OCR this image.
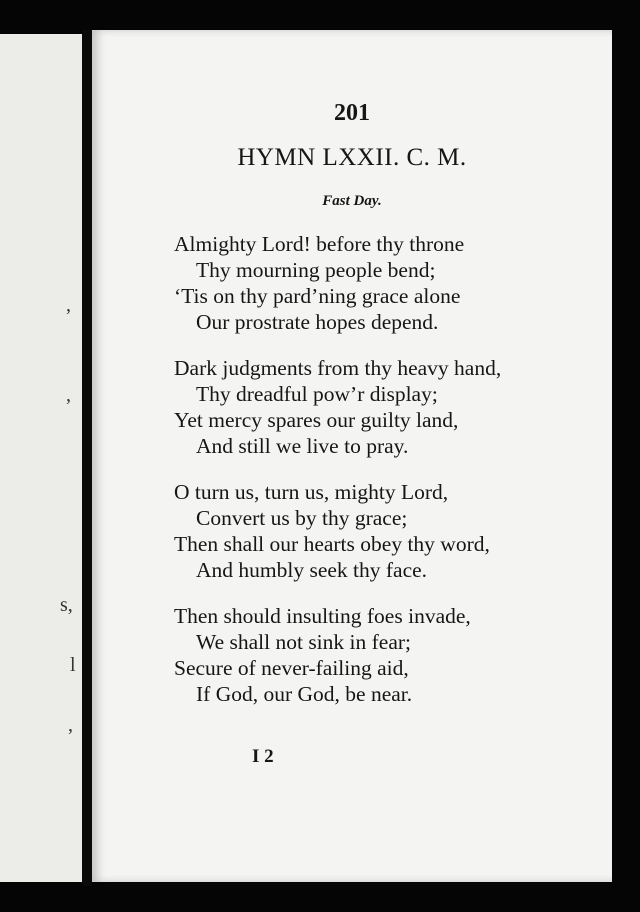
,
,
s,
l
,
201
HYMN LXXII. C. M.
Fast Day.
Almighty Lord! before thy throne
Thy mourning people bend;
‘Tis on thy pard’ning grace alone
Our prostrate hopes depend.
Dark judgments from thy heavy hand,
Thy dreadful pow’r display;
Yet mercy spares our guilty land,
And still we live to pray.
O turn us, turn us, mighty Lord,
Convert us by thy grace;
Then shall our hearts obey thy word,
And humbly seek thy face.
Then should insulting foes invade,
We shall not sink in fear;
Secure of never-failing aid,
If God, our God, be near.
I 2
